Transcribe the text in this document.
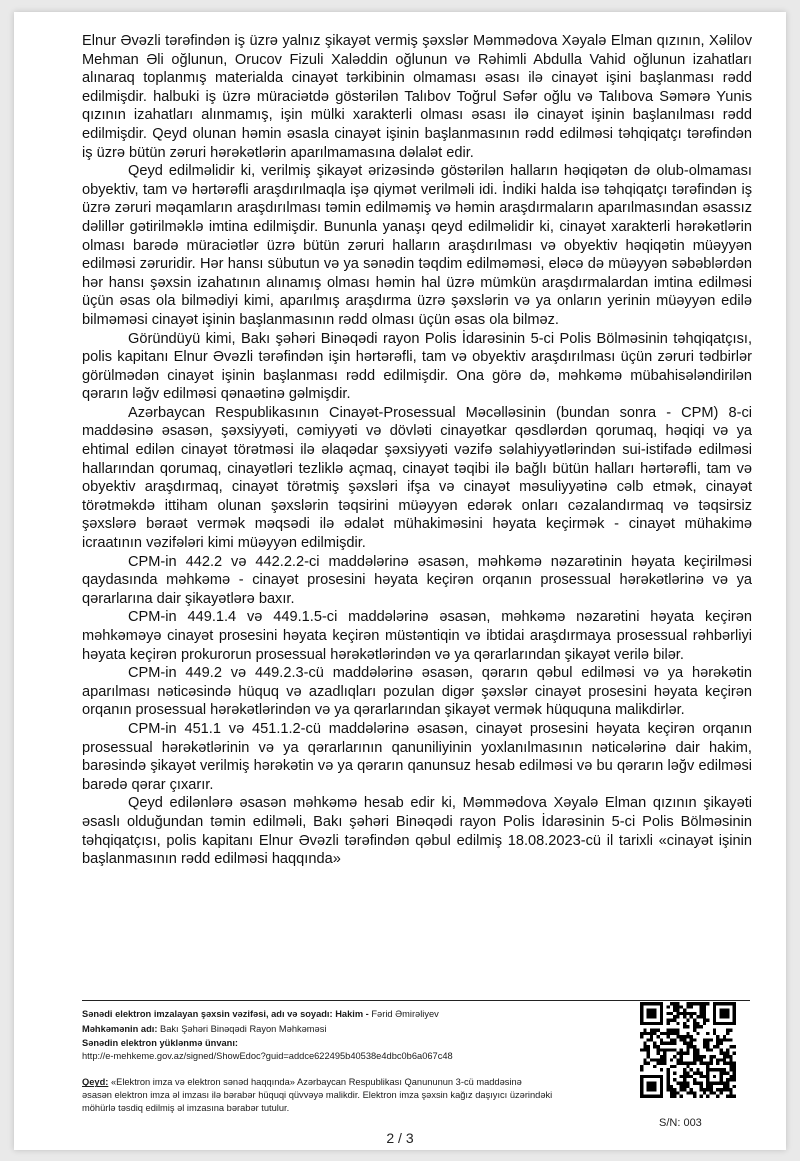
Elnur Əvəzli tərəfindən iş üzrə yalnız şikayət vermiş şəxslər Məmmədova Xəyalə Elman qızının, Xəlilov Mehman Əli oğlunun, Orucov Fizuli Xaləddin oğlunun və Rəhimli Abdulla Vahid oğlunun izahatları alınaraq toplanmış materialda cinayət tərkibinin olmaması əsası ilə cinayət işini başlanması rədd edilmişdir. halbuki iş üzrə müraciətdə göstərilən Talıbov Toğrul Səfər oğlu və Talıbova Səmərə Yunis qızının izahatları alınmamış, işin mülki xarakterli olması əsası ilə cinayət işinin başlanılması rədd edilmişdir. Qeyd olunan həmin əsasla cinayət işinin başlanmasının rədd edilməsi təhqiqatçı tərəfindən iş üzrə bütün zəruri hərəkətlərin aparılmamasına dəlalət edir.

Qeyd edilməlidir ki, verilmiş şikayət ərizəsində göstərilən halların həqiqətən də olub-olmaması obyektiv, tam və hərtərəfli araşdırılmaqla işə qiymət verilməli idi. İndiki halda isə təhqiqatçı tərəfindən iş üzrə zəruri məqamların araşdırılması təmin edilməmiş və həmin araşdırmaların aparılmasından əsassız dəlillər gətirilməklə imtina edilmişdir. Bununla yanaşı qeyd edilməlidir ki, cinayət xarakterli hərəkətlərin olması barədə müraciətlər üzrə bütün zəruri halların araşdırılması və obyektiv həqiqətin müəyyən edilməsi zəruridir. Hər hansı sübutun və ya sənədin təqdim edilməməsi, eləcə də müəyyən səbəblərdən hər hansı şəxsin izahatının alınamış olması həmin hal üzrə mümkün araşdırmalardan imtina edilməsi üçün əsas ola bilmədiyi kimi, aparılmış araşdırma üzrə şəxslərin və ya onların yerinin müəyyən edilə bilməməsi cinayət işinin başlanmasının rədd olması üçün əsas ola bilməz.

Göründüyü kimi, Bakı şəhəri Binəqədi rayon Polis İdarəsinin 5-ci Polis Bölməsinin təhqiqatçısı, polis kapitanı Elnur Əvəzli tərəfindən işin hərtərəfli, tam və obyektiv araşdırılması üçün zəruri tədbirlər görülmədən cinayət işinin başlanması rədd edilmişdir. Ona görə də, məhkəmə mübahisələndirilən qərarın ləğv edilməsi qənaətinə gəlmişdir.

Azərbaycan Respublikasının Cinayət-Prosessual Məcəlləsinin (bundan sonra - CPM) 8-ci maddəsinə əsasən, şəxsiyyəti, cəmiyyəti və dövləti cinayətkar qəsdlərdən qorumaq, həqiqi və ya ehtimal edilən cinayət törətməsi ilə əlaqədar şəxsiyyəti vəzifə səlahiyyətlərindən sui-istifadə edilməsi hallarından qorumaq, cinayətləri tezliklə açmaq, cinayət təqibi ilə bağlı bütün halları hərtərəfli, tam və obyektiv araşdırmaq, cinayət törətmiş şəxsləri ifşa və cinayət məsuliyyətinə cəlb etmək, cinayət törətməkdə ittiham olunan şəxslərin təqsirini müəyyən edərək onları cəzalandırmaq və təqsirsiz şəxslərə bəraət vermək məqsədi ilə ədalət mühakiməsini həyata keçirmək - cinayət mühakimə icraatının vəzifələri kimi müəyyən edilmişdir.

CPM-in 442.2 və 442.2.2-ci maddələrinə əsasən, məhkəmə nəzarətinin həyata keçirilməsi qaydasında məhkəmə - cinayət prosesini həyata keçirən orqanın prosessual hərəkətlərinə və ya qərarlarına dair şikayətlərə baxır.

CPM-in 449.1.4 və 449.1.5-ci maddələrinə əsasən, məhkəmə nəzarətini həyata keçirən məhkəməyə cinayət prosesini həyata keçirən müstəntiqin və ibtidai araşdırmaya prosessual rəhbərliyi həyata keçirən prokurorun prosessual hərəkətlərindən və ya qərarlarından şikayət verilə bilər.

CPM-in 449.2 və 449.2.3-cü maddələrinə əsasən, qərarın qəbul edilməsi və ya hərəkətin aparılması nəticəsində hüquq və azadlıqları pozulan digər şəxslər cinayət prosesini həyata keçirən orqanın prosessual hərəkətlərindən və ya qərarlarından şikayət vermək hüququna malikdirlər.

CPM-in 451.1 və 451.1.2-cü maddələrinə əsasən, cinayət prosesini həyata keçirən orqanın prosessual hərəkətlərinin və ya qərarlarının qanuniliyinin yoxlanılmasının nəticələrinə dair hakim, barəsində şikayət verilmiş hərəkətin və ya qərarın qanunsuz hesab edilməsi və bu qərarın ləğv edilməsi barədə qərar çıxarır.

Qeyd edilənlərə əsasən məhkəmə hesab edir ki, Məmmədova Xəyalə Elman qızının şikayəti əsaslı olduğundan təmin edilməli, Bakı şəhəri Binəqədi rayon Polis İdarəsinin 5-ci Polis Bölməsinin təhqiqatçısı, polis kapitanı Elnur Əvəzli tərəfindən qəbul edilmiş 18.08.2023-cü il tarixli «cinayət işinin başlanmasının rədd edilməsi haqqında»

Sənədi elektron imzalayan şəxsin vəzifəsi, adı və soyadı: Hakim - Fərid Əmirəliyev
Məhkəmənin adı: Bakı Şəhəri Binəqədi Rayon Məhkəməsi
Sənədin elektron yüklənmə ünvanı:
http://e-mehkeme.gov.az/signed/ShowEdoc?guid=addce622495b40538e4dbc0b6a067c48
Qeyd: «Elektron imza və elektron sənəd haqqında» Azərbaycan Respublikası Qanununun 3-cü maddəsinə
əsasən elektron imza əl imzası ilə bərabər hüquqi qüvvəyə malikdir. Elektron imza şəxsin kağız daşıyıcı üzərindəki
möhürlə təsdiq edilmiş əl imzasına bərabər tutulur.
S/N: 003
2 / 3
